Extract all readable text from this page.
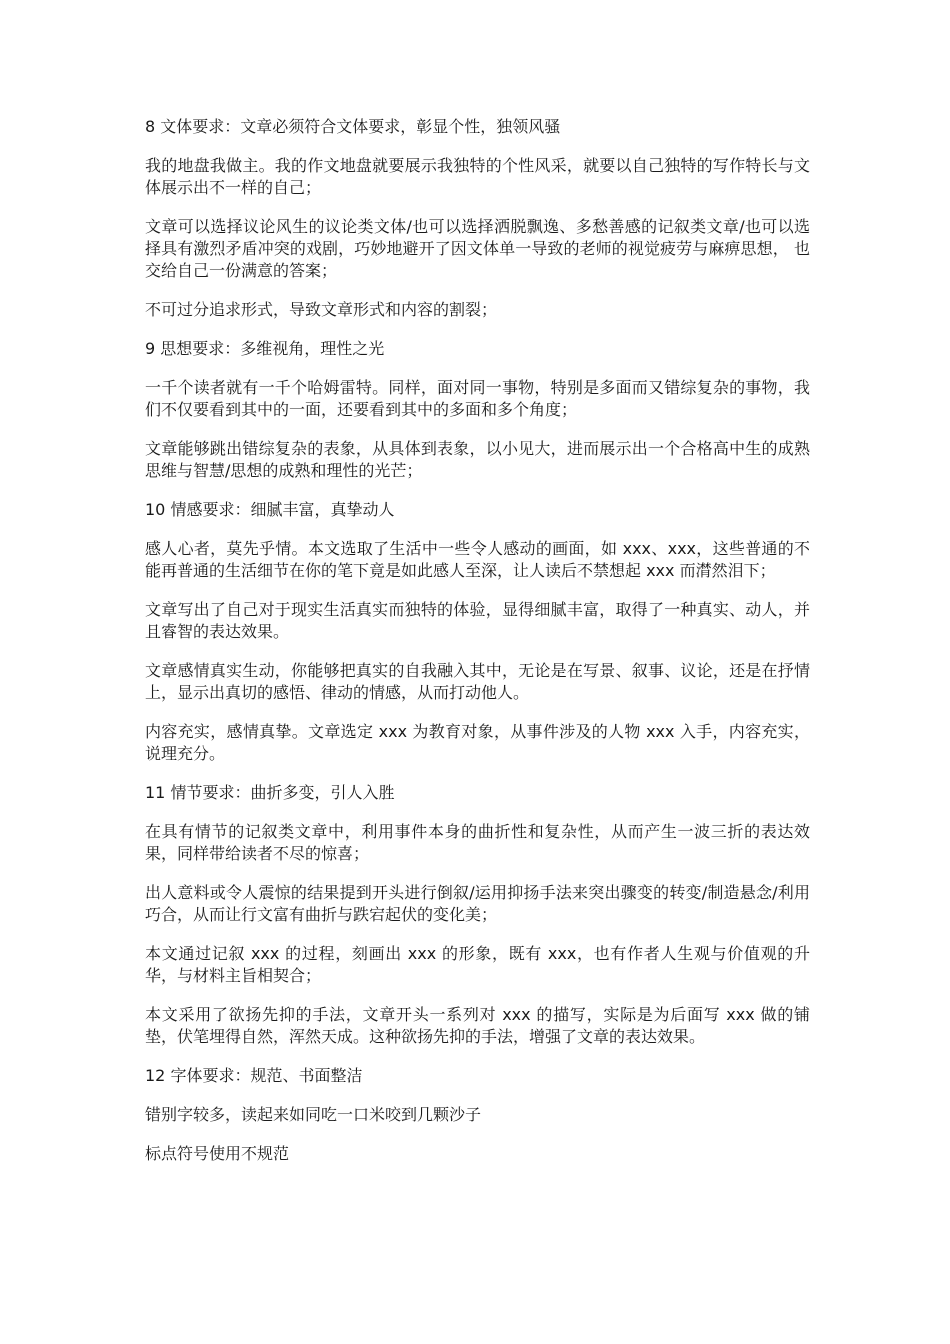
8 文体要求：文章必须符合文体要求，彰显个性，独领风骚

我的地盘我做主。我的作文地盘就要展示我独特的个性风采，就要以自己独特的写作特长与文体展示出不一样的自己；

文章可以选择议论风生的议论类文体/也可以选择洒脱飘逸、多愁善感的记叙类文章/也可以选择具有激烈矛盾冲突的戏剧，巧妙地避开了因文体单一导致的老师的视觉疲劳与麻痹思想， 也交给自己一份满意的答案；

不可过分追求形式，导致文章形式和内容的割裂；

9 思想要求：多维视角，理性之光

一千个读者就有一千个哈姆雷特。同样，面对同一事物，特别是多面而又错综复杂的事物，我们不仅要看到其中的一面，还要看到其中的多面和多个角度；

文章能够跳出错综复杂的表象，从具体到表象，以小见大，进而展示出一个合格高中生的成熟思维与智慧/思想的成熟和理性的光芒；

10 情感要求：细腻丰富，真挚动人

感人心者，莫先乎情。本文选取了生活中一些令人感动的画面，如 xxx、xxx，这些普通的不能再普通的生活细节在你的笔下竟是如此感人至深，让人读后不禁想起 xxx 而潸然泪下；

文章写出了自己对于现实生活真实而独特的体验，显得细腻丰富，取得了一种真实、动人，并且睿智的表达效果。

文章感情真实生动，你能够把真实的自我融入其中，无论是在写景、叙事、议论，还是在抒情上，显示出真切的感悟、律动的情感，从而打动他人。

内容充实，感情真挚。文章选定 xxx 为教育对象，从事件涉及的人物 xxx 入手，内容充实，说理充分。

11 情节要求：曲折多变，引人入胜

在具有情节的记叙类文章中，利用事件本身的曲折性和复杂性，从而产生一波三折的表达效果，同样带给读者不尽的惊喜；

出人意料或令人震惊的结果提到开头进行倒叙/运用抑扬手法来突出骤变的转变/制造悬念/利用巧合，从而让行文富有曲折与跌宕起伏的变化美；

本文通过记叙 xxx 的过程，刻画出 xxx 的形象，既有 xxx，也有作者人生观与价值观的升华，与材料主旨相契合；

本文采用了欲扬先抑的手法，文章开头一系列对 xxx 的描写，实际是为后面写 xxx 做的铺垫，伏笔埋得自然，浑然天成。这种欲扬先抑的手法，增强了文章的表达效果。

12 字体要求：规范、书面整洁

错别字较多，读起来如同吃一口米咬到几颗沙子

标点符号使用不规范
